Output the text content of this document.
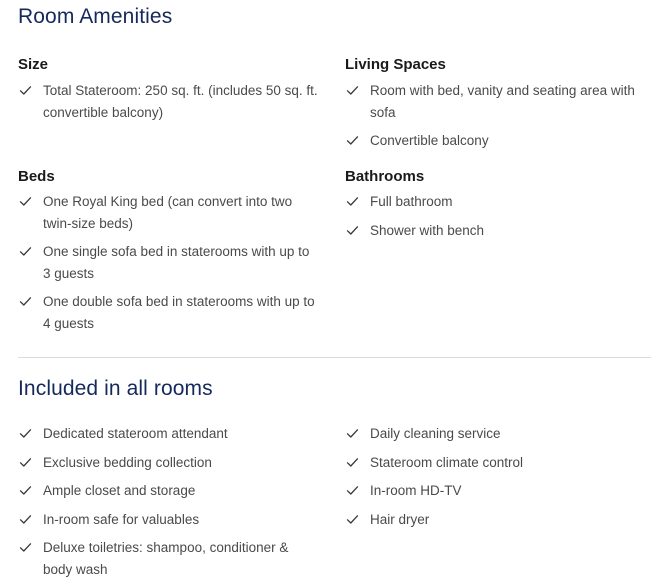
Room Amenities
Size
Total Stateroom: 250 sq. ft. (includes 50 sq. ft. convertible balcony)
Living Spaces
Room with bed, vanity and seating area with sofa
Convertible balcony
Beds
One Royal King bed (can convert into two twin-size beds)
One single sofa bed in staterooms with up to 3 guests
One double sofa bed in staterooms with up to 4 guests
Bathrooms
Full bathroom
Shower with bench
Included in all rooms
Dedicated stateroom attendant
Exclusive bedding collection
Ample closet and storage
In-room safe for valuables
Deluxe toiletries: shampoo, conditioner & body wash
Daily cleaning service
Stateroom climate control
In-room HD-TV
Hair dryer
